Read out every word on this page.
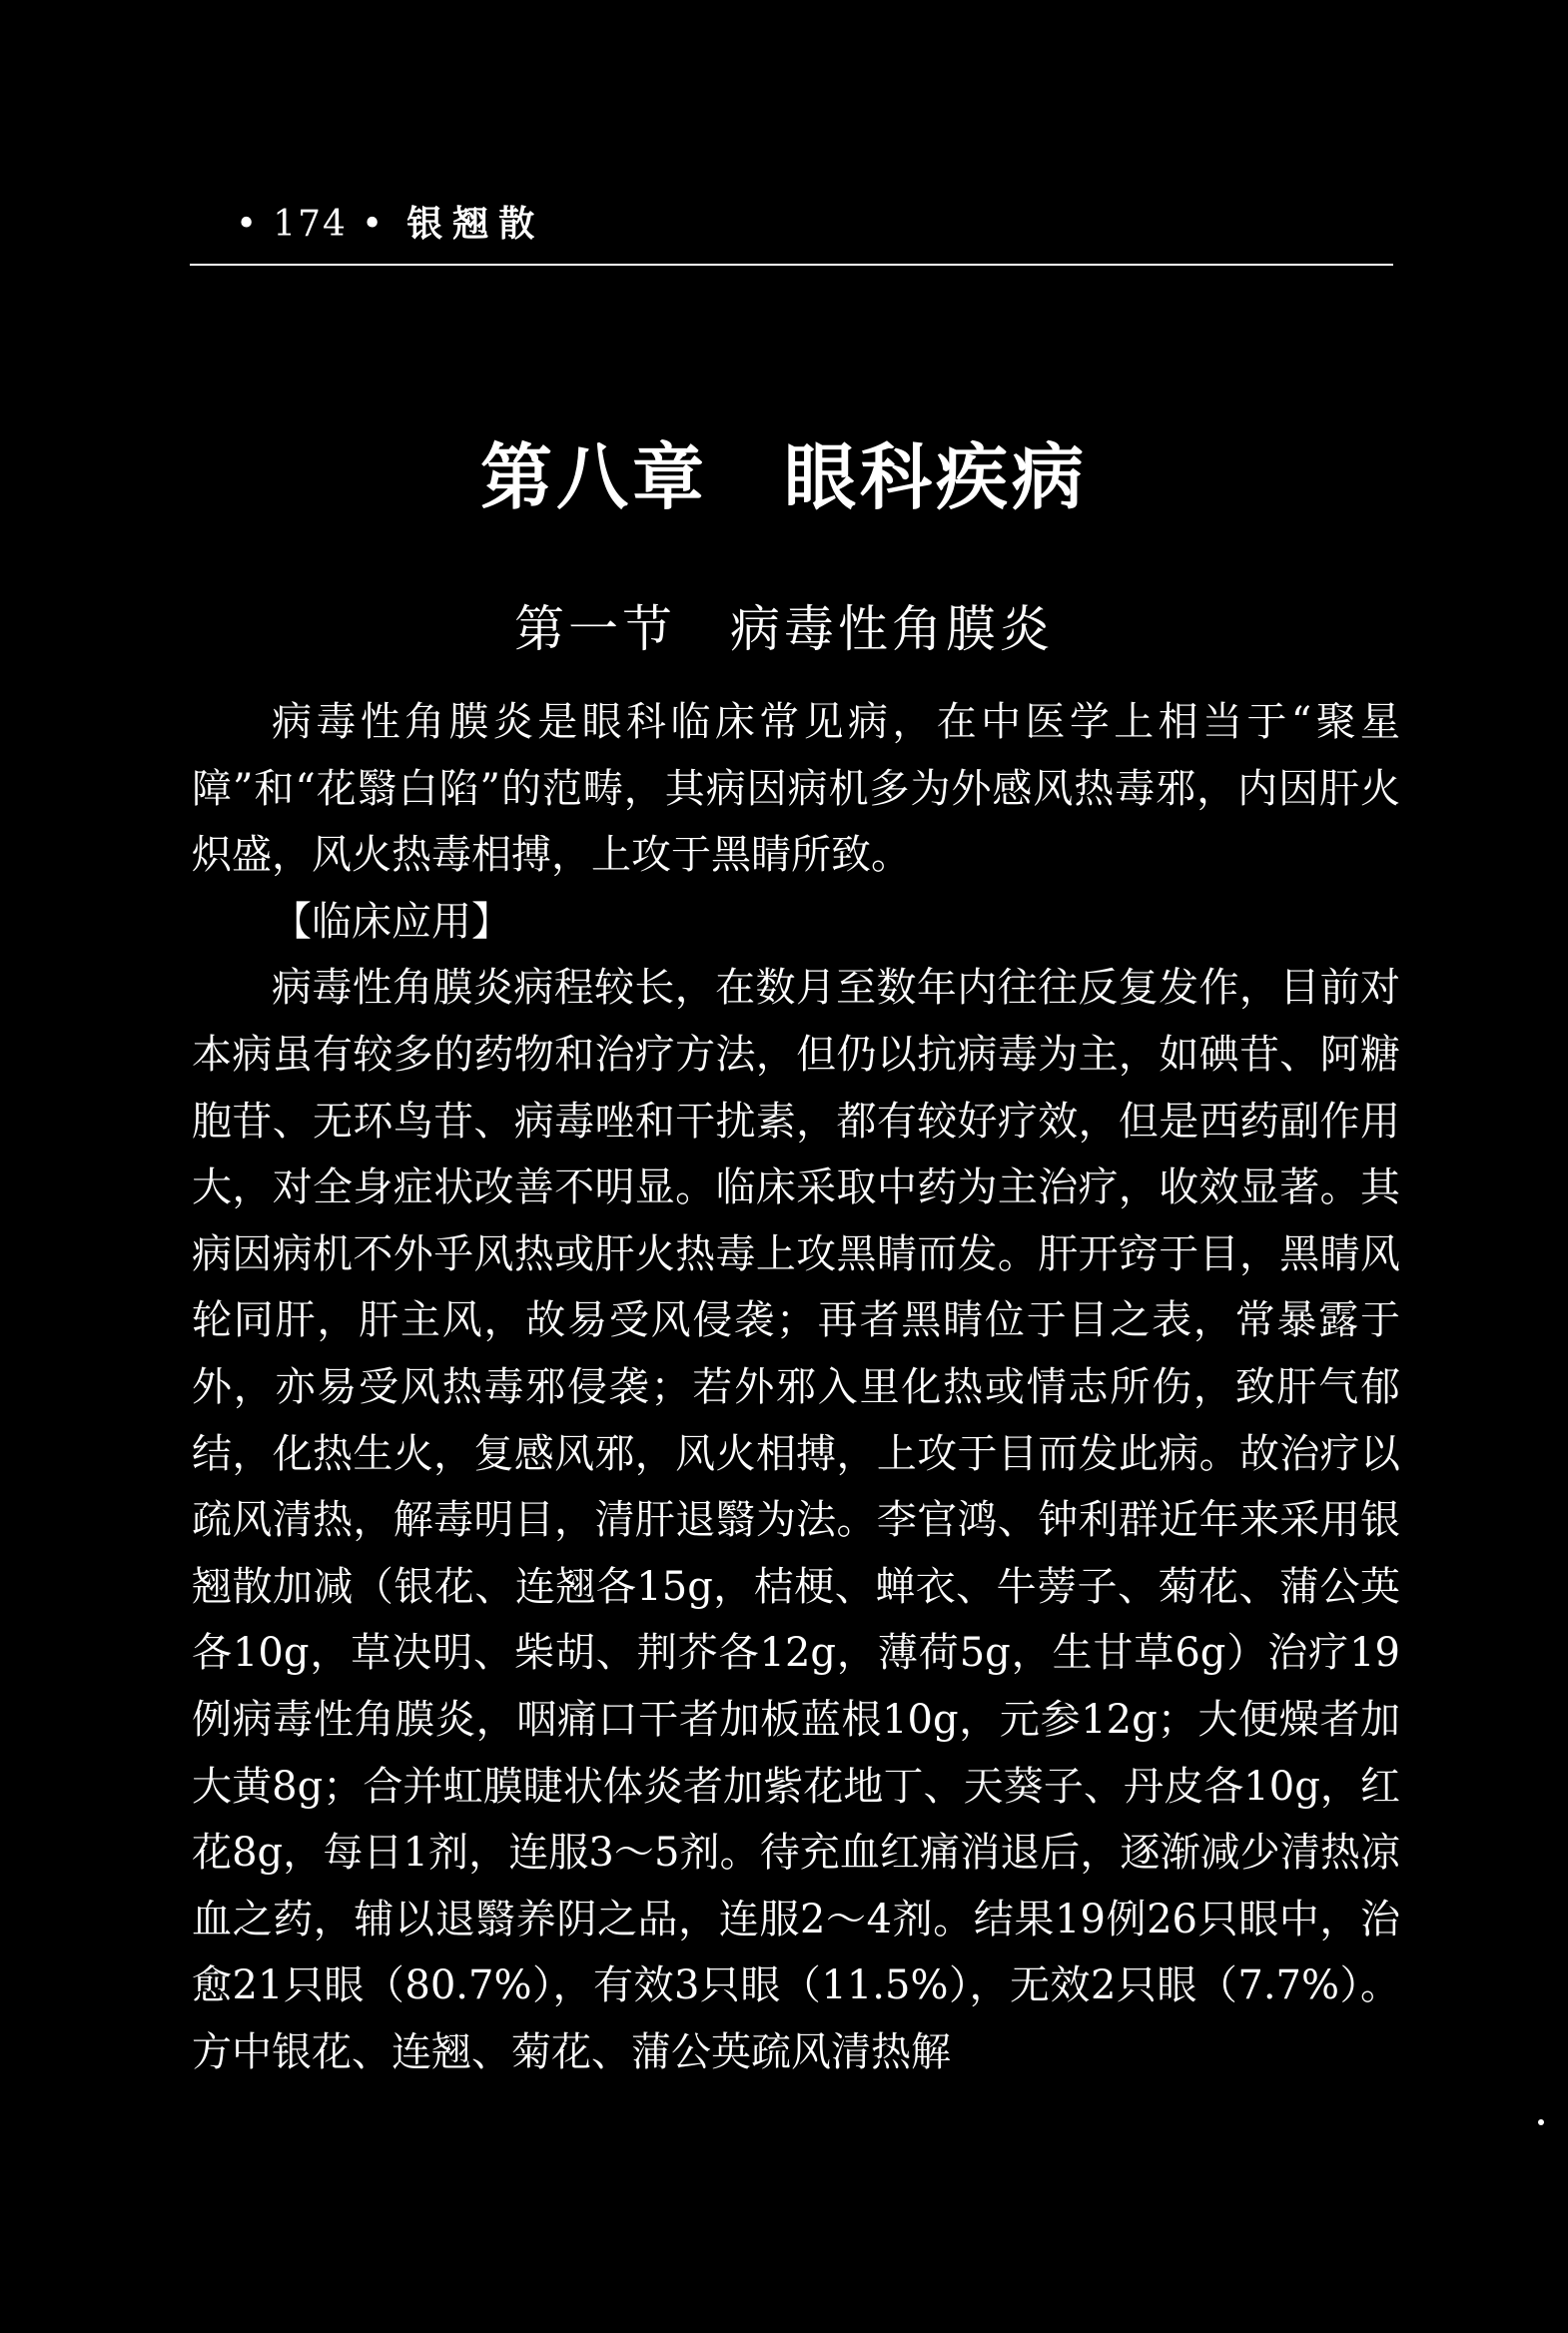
• 174 • 银翘散
第八章　眼科疾病
第一节　病毒性角膜炎

病毒性角膜炎是眼科临床常见病，在中医学上相当于“聚星障”和“花翳白陷”的范畴，其病因病机多为外感风热毒邪，内因肝火炽盛，风火热毒相搏，上攻于黑睛所致。

【临床应用】

病毒性角膜炎病程较长，在数月至数年内往往反复发作，目前对本病虽有较多的药物和治疗方法，但仍以抗病毒为主，如碘苷、阿糖胞苷、无环鸟苷、病毒唑和干扰素，都有较好疗效，但是西药副作用大，对全身症状改善不明显。临床采取中药为主治疗，收效显著。其病因病机不外乎风热或肝火热毒上攻黑睛而发。肝开窍于目，黑睛风轮同肝，肝主风，故易受风侵袭；再者黑睛位于目之表，常暴露于外，亦易受风热毒邪侵袭；若外邪入里化热或情志所伤，致肝气郁结，化热生火，复感风邪，风火相搏，上攻于目而发此病。故治疗以疏风清热，解毒明目，清肝退翳为法。李官鸿、钟利群近年来采用银翘散加减（银花、连翘各15g，桔梗、蝉衣、牛蒡子、菊花、蒲公英各10g，草决明、柴胡、荆芥各12g，薄荷5g，生甘草6g）治疗19例病毒性角膜炎，咽痛口干者加板蓝根10g，元参12g；大便燥者加大黄8g；合并虹膜睫状体炎者加紫花地丁、天葵子、丹皮各10g，红花8g，每日1剂，连服3～5剂。待充血红痛消退后，逐渐减少清热凉血之药，辅以退翳养阴之品，连服2～4剂。结果19例26只眼中，治愈21只眼（80.7%），有效3只眼（11.5%），无效2只眼（7.7%）。方中银花、连翘、菊花、蒲公英疏风清热解
